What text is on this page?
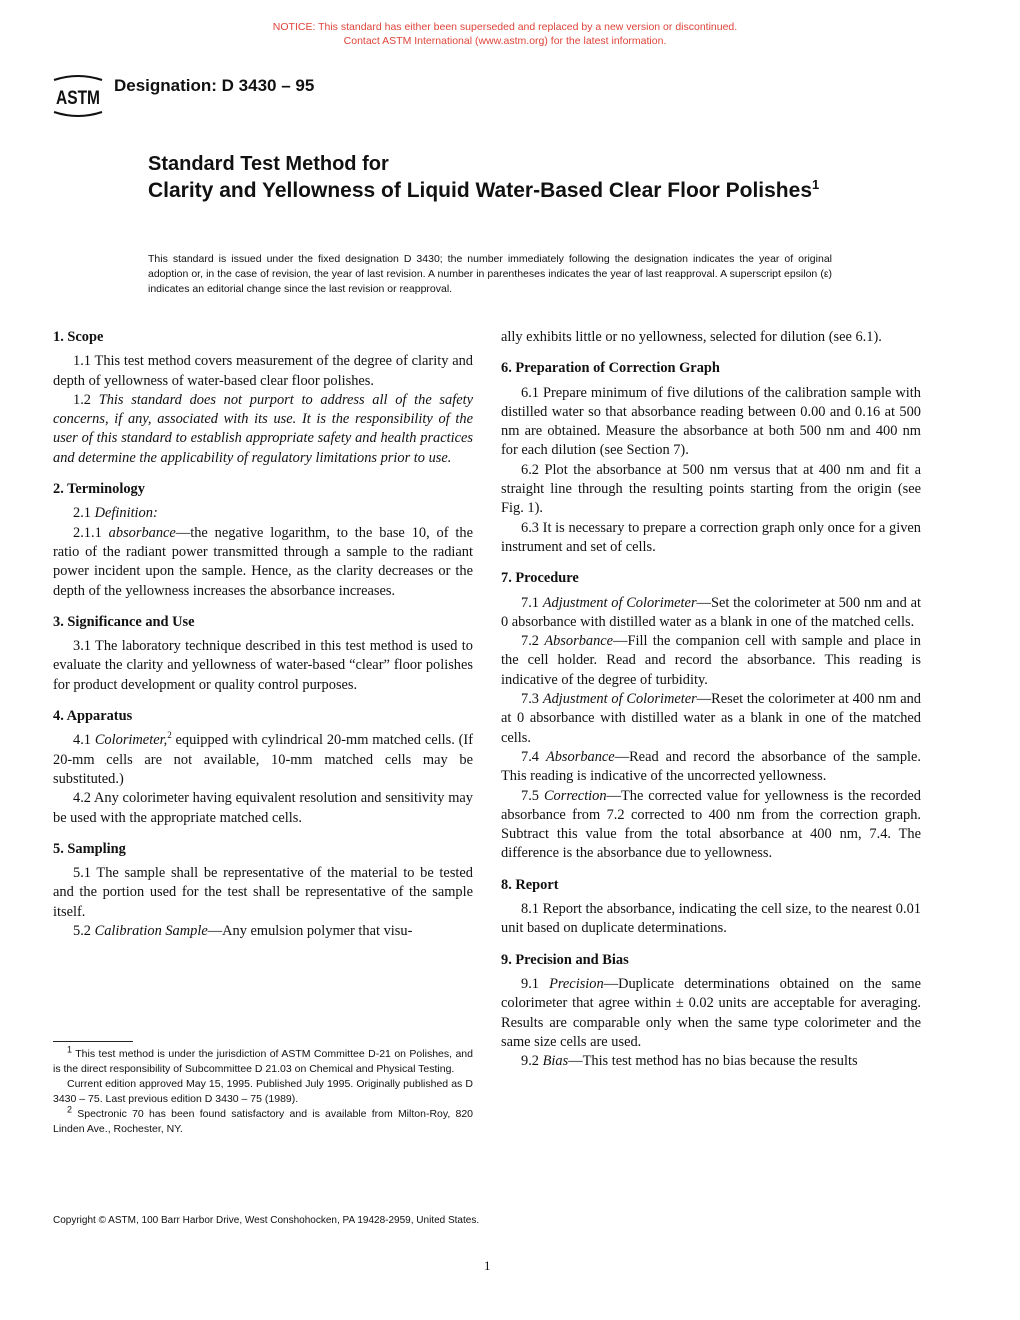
NOTICE: This standard has either been superseded and replaced by a new version or discontinued.
Contact ASTM International (www.astm.org) for the latest information.
ASTM
Designation: D 3430 – 95
Standard Test Method for
Clarity and Yellowness of Liquid Water-Based Clear Floor Polishes$^1$
This standard is issued under the fixed designation D 3430; the number immediately following the designation indicates the year of original adoption or, in the case of revision, the year of last revision. A number in parentheses indicates the year of last reapproval. A superscript epsilon (ε) indicates an editorial change since the last revision or reapproval.
1. Scope

1.1 This test method covers measurement of the degree of clarity and depth of yellowness of water-based clear floor polishes.

1.2 This standard does not purport to address all of the safety concerns, if any, associated with its use. It is the responsibility of the user of this standard to establish appropriate safety and health practices and determine the applicability of regulatory limitations prior to use.

2. Terminology

2.1 Definition:

2.1.1 absorbance—the negative logarithm, to the base 10, of the ratio of the radiant power transmitted through a sample to the radiant power incident upon the sample. Hence, as the clarity decreases or the depth of the yellowness increases the absorbance increases.

3. Significance and Use

3.1 The laboratory technique described in this test method is used to evaluate the clarity and yellowness of water-based “clear” floor polishes for product development or quality control purposes.

4. Apparatus

4.1 Colorimeter,$^2$ equipped with cylindrical 20-mm matched cells. (If 20-mm cells are not available, 10-mm matched cells may be substituted.)

4.2 Any colorimeter having equivalent resolution and sensitivity may be used with the appropriate matched cells.

5. Sampling

5.1 The sample shall be representative of the material to be tested and the portion used for the test shall be representative of the sample itself.

5.2 Calibration Sample—Any emulsion polymer that visu-

ally exhibits little or no yellowness, selected for dilution (see 6.1).

6. Preparation of Correction Graph

6.1 Prepare minimum of five dilutions of the calibration sample with distilled water so that absorbance reading between 0.00 and 0.16 at 500 nm are obtained. Measure the absorbance at both 500 nm and 400 nm for each dilution (see Section 7).

6.2 Plot the absorbance at 500 nm versus that at 400 nm and fit a straight line through the resulting points starting from the origin (see Fig. 1).

6.3 It is necessary to prepare a correction graph only once for a given instrument and set of cells.

7. Procedure

7.1 Adjustment of Colorimeter—Set the colorimeter at 500 nm and at 0 absorbance with distilled water as a blank in one of the matched cells.

7.2 Absorbance—Fill the companion cell with sample and place in the cell holder. Read and record the absorbance. This reading is indicative of the degree of turbidity.

7.3 Adjustment of Colorimeter—Reset the colorimeter at 400 nm and at 0 absorbance with distilled water as a blank in one of the matched cells.

7.4 Absorbance—Read and record the absorbance of the sample. This reading is indicative of the uncorrected yellowness.

7.5 Correction—The corrected value for yellowness is the recorded absorbance from 7.2 corrected to 400 nm from the correction graph. Subtract this value from the total absorbance at 400 nm, 7.4. The difference is the absorbance due to yellowness.

8. Report

8.1 Report the absorbance, indicating the cell size, to the nearest 0.01 unit based on duplicate determinations.

9. Precision and Bias

9.1 Precision—Duplicate determinations obtained on the same colorimeter that agree within ± 0.02 units are acceptable for averaging. Results are comparable only when the same type colorimeter and the same size cells are used.

9.2 Bias—This test method has no bias because the results

$^1$ This test method is under the jurisdiction of ASTM Committee D-21 on Polishes, and is the direct responsibility of Subcommittee D 21.03 on Chemical and Physical Testing.

Current edition approved May 15, 1995. Published July 1995. Originally published as D 3430 – 75. Last previous edition D 3430 – 75 (1989).

$^2$ Spectronic 70 has been found satisfactory and is available from Milton-Roy, 820 Linden Ave., Rochester, NY.

Copyright © ASTM, 100 Barr Harbor Drive, West Conshohocken, PA 19428-2959, United States.
1
